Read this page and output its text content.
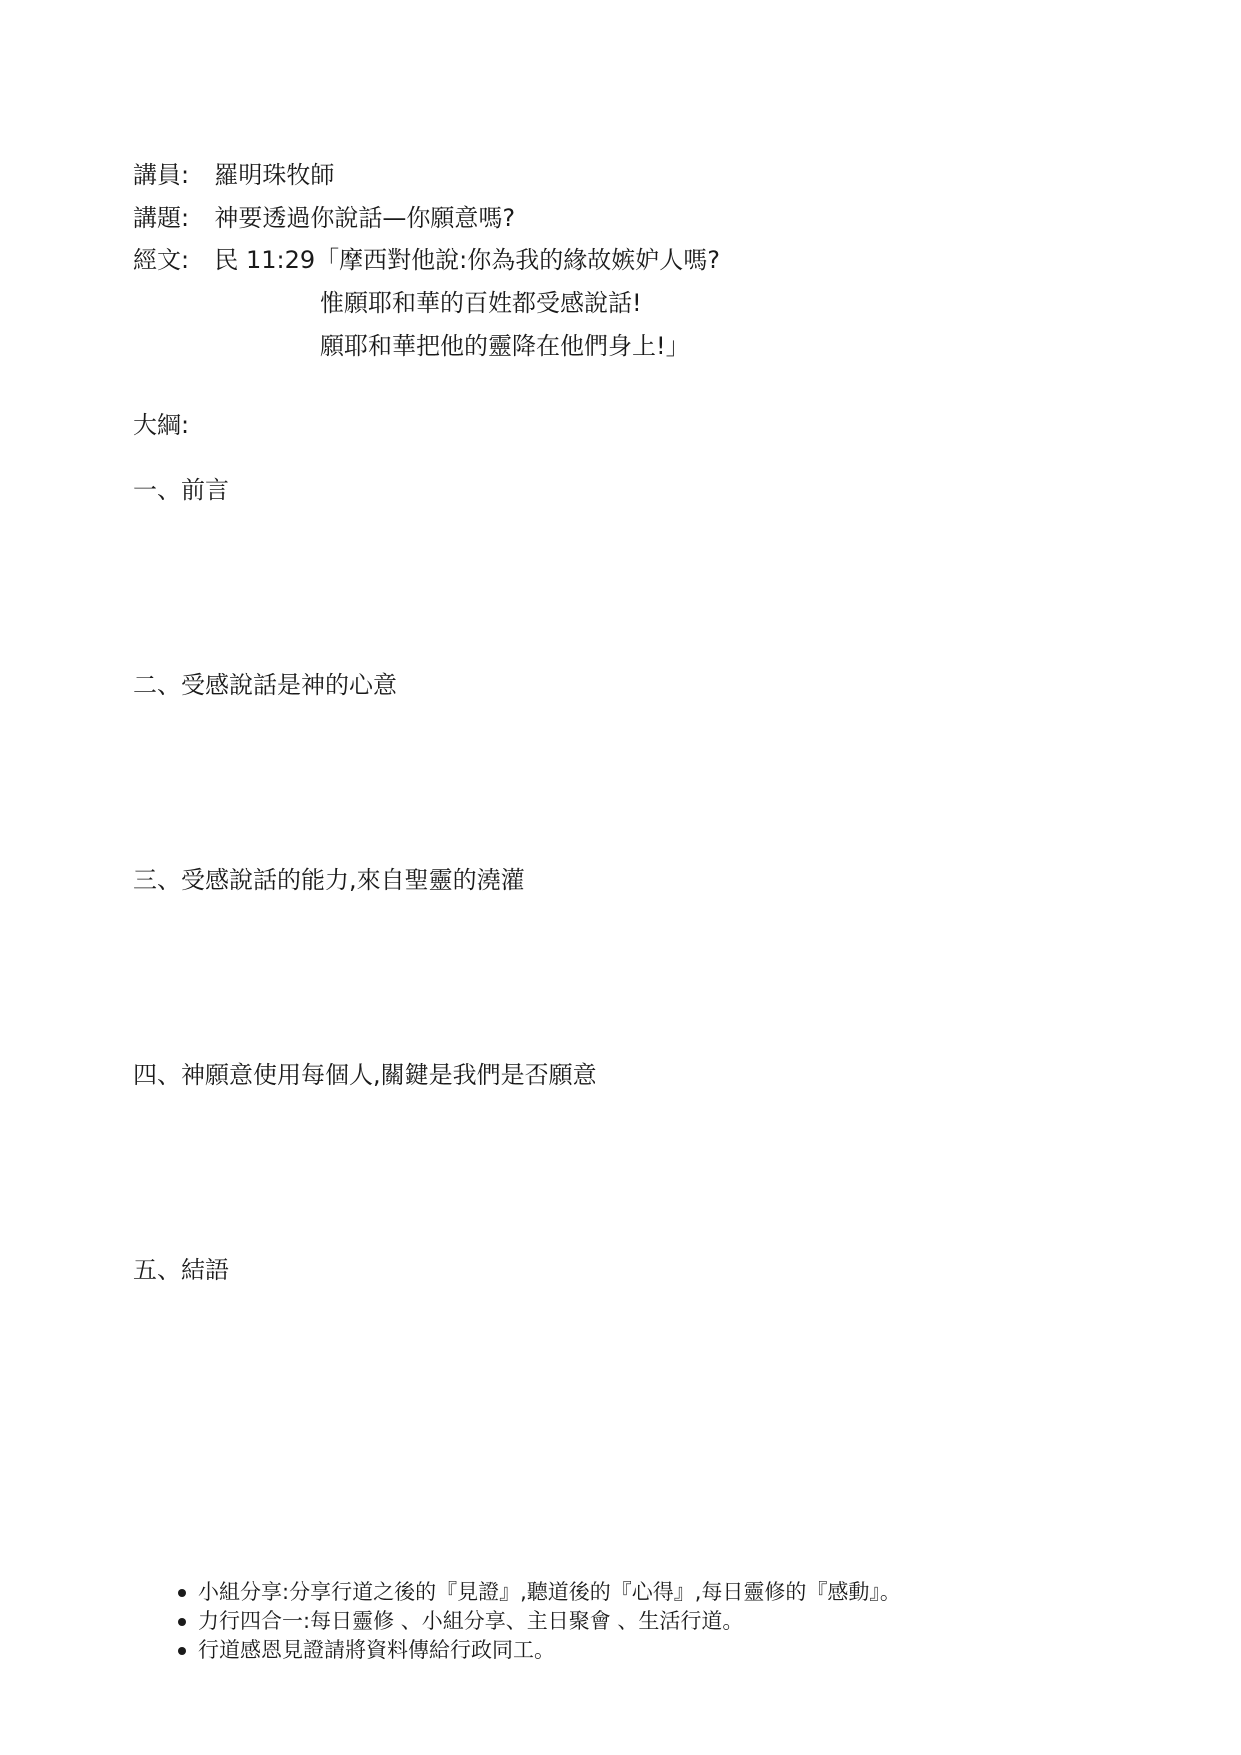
講員: 羅明珠牧師
講題: 神要透過你說話—你願意嗎?
經文: 民 11:29「摩西對他說:你為我的緣故嫉妒人嗎?
惟願耶和華的百姓都受感說話!
願耶和華把他的靈降在他們身上!」
大綱:
一、前言
二、受感說話是神的心意
三、受感說話的能力,來自聖靈的澆灌
四、神願意使用每個人,關鍵是我們是否願意
五、結語
小組分享:分享行道之後的『見證』,聽道後的『心得』,每日靈修的『感動』。
力行四合一:每日靈修 、小組分享、主日聚會 、生活行道。
行道感恩見證請將資料傳給行政同工。
